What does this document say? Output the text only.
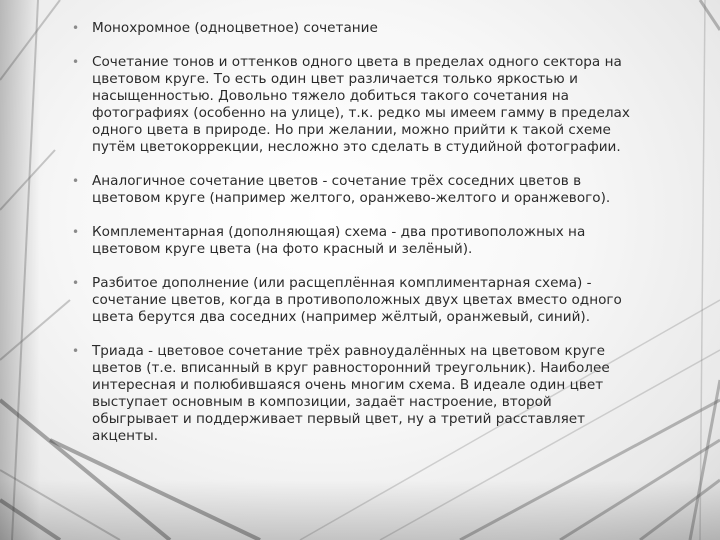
• Монохромное (одноцветное) сочетание
• Сочетание тонов и оттенков одного цвета в пределах одного сектора на цветовом круге. То есть один цвет различается только яркостью и насыщенностью. Довольно тяжело добиться такого сочетания на фотографиях (особенно на улице), т.к. редко мы имеем гамму в пределах одного цвета в природе. Но при желании, можно прийти к такой схеме путём цветокоррекции, несложно это сделать в студийной фотографии.
• Аналогичное сочетание цветов - сочетание трёх соседних цветов в цветовом круге (например желтого, оранжево-желтого и оранжевого).
• Комплементарная (дополняющая) схема - два противоположных на цветовом круге цвета (на фото красный и зелёный).
• Разбитое дополнение (или расщеплённая комплиментарная схема) - сочетание цветов, когда в противоположных двух цветах вместо одного цвета берутся два соседних (например жёлтый, оранжевый, синий).
• Триада - цветовое сочетание трёх равноудалённых на цветовом круге цветов (т.е. вписанный в круг равносторонний треугольник). Наиболее интересная и полюбившаяся очень многим схема. В идеале один цвет выступает основным в композиции, задаёт настроение, второй обыгрывает и поддерживает первый цвет, ну а третий расставляет акценты.
